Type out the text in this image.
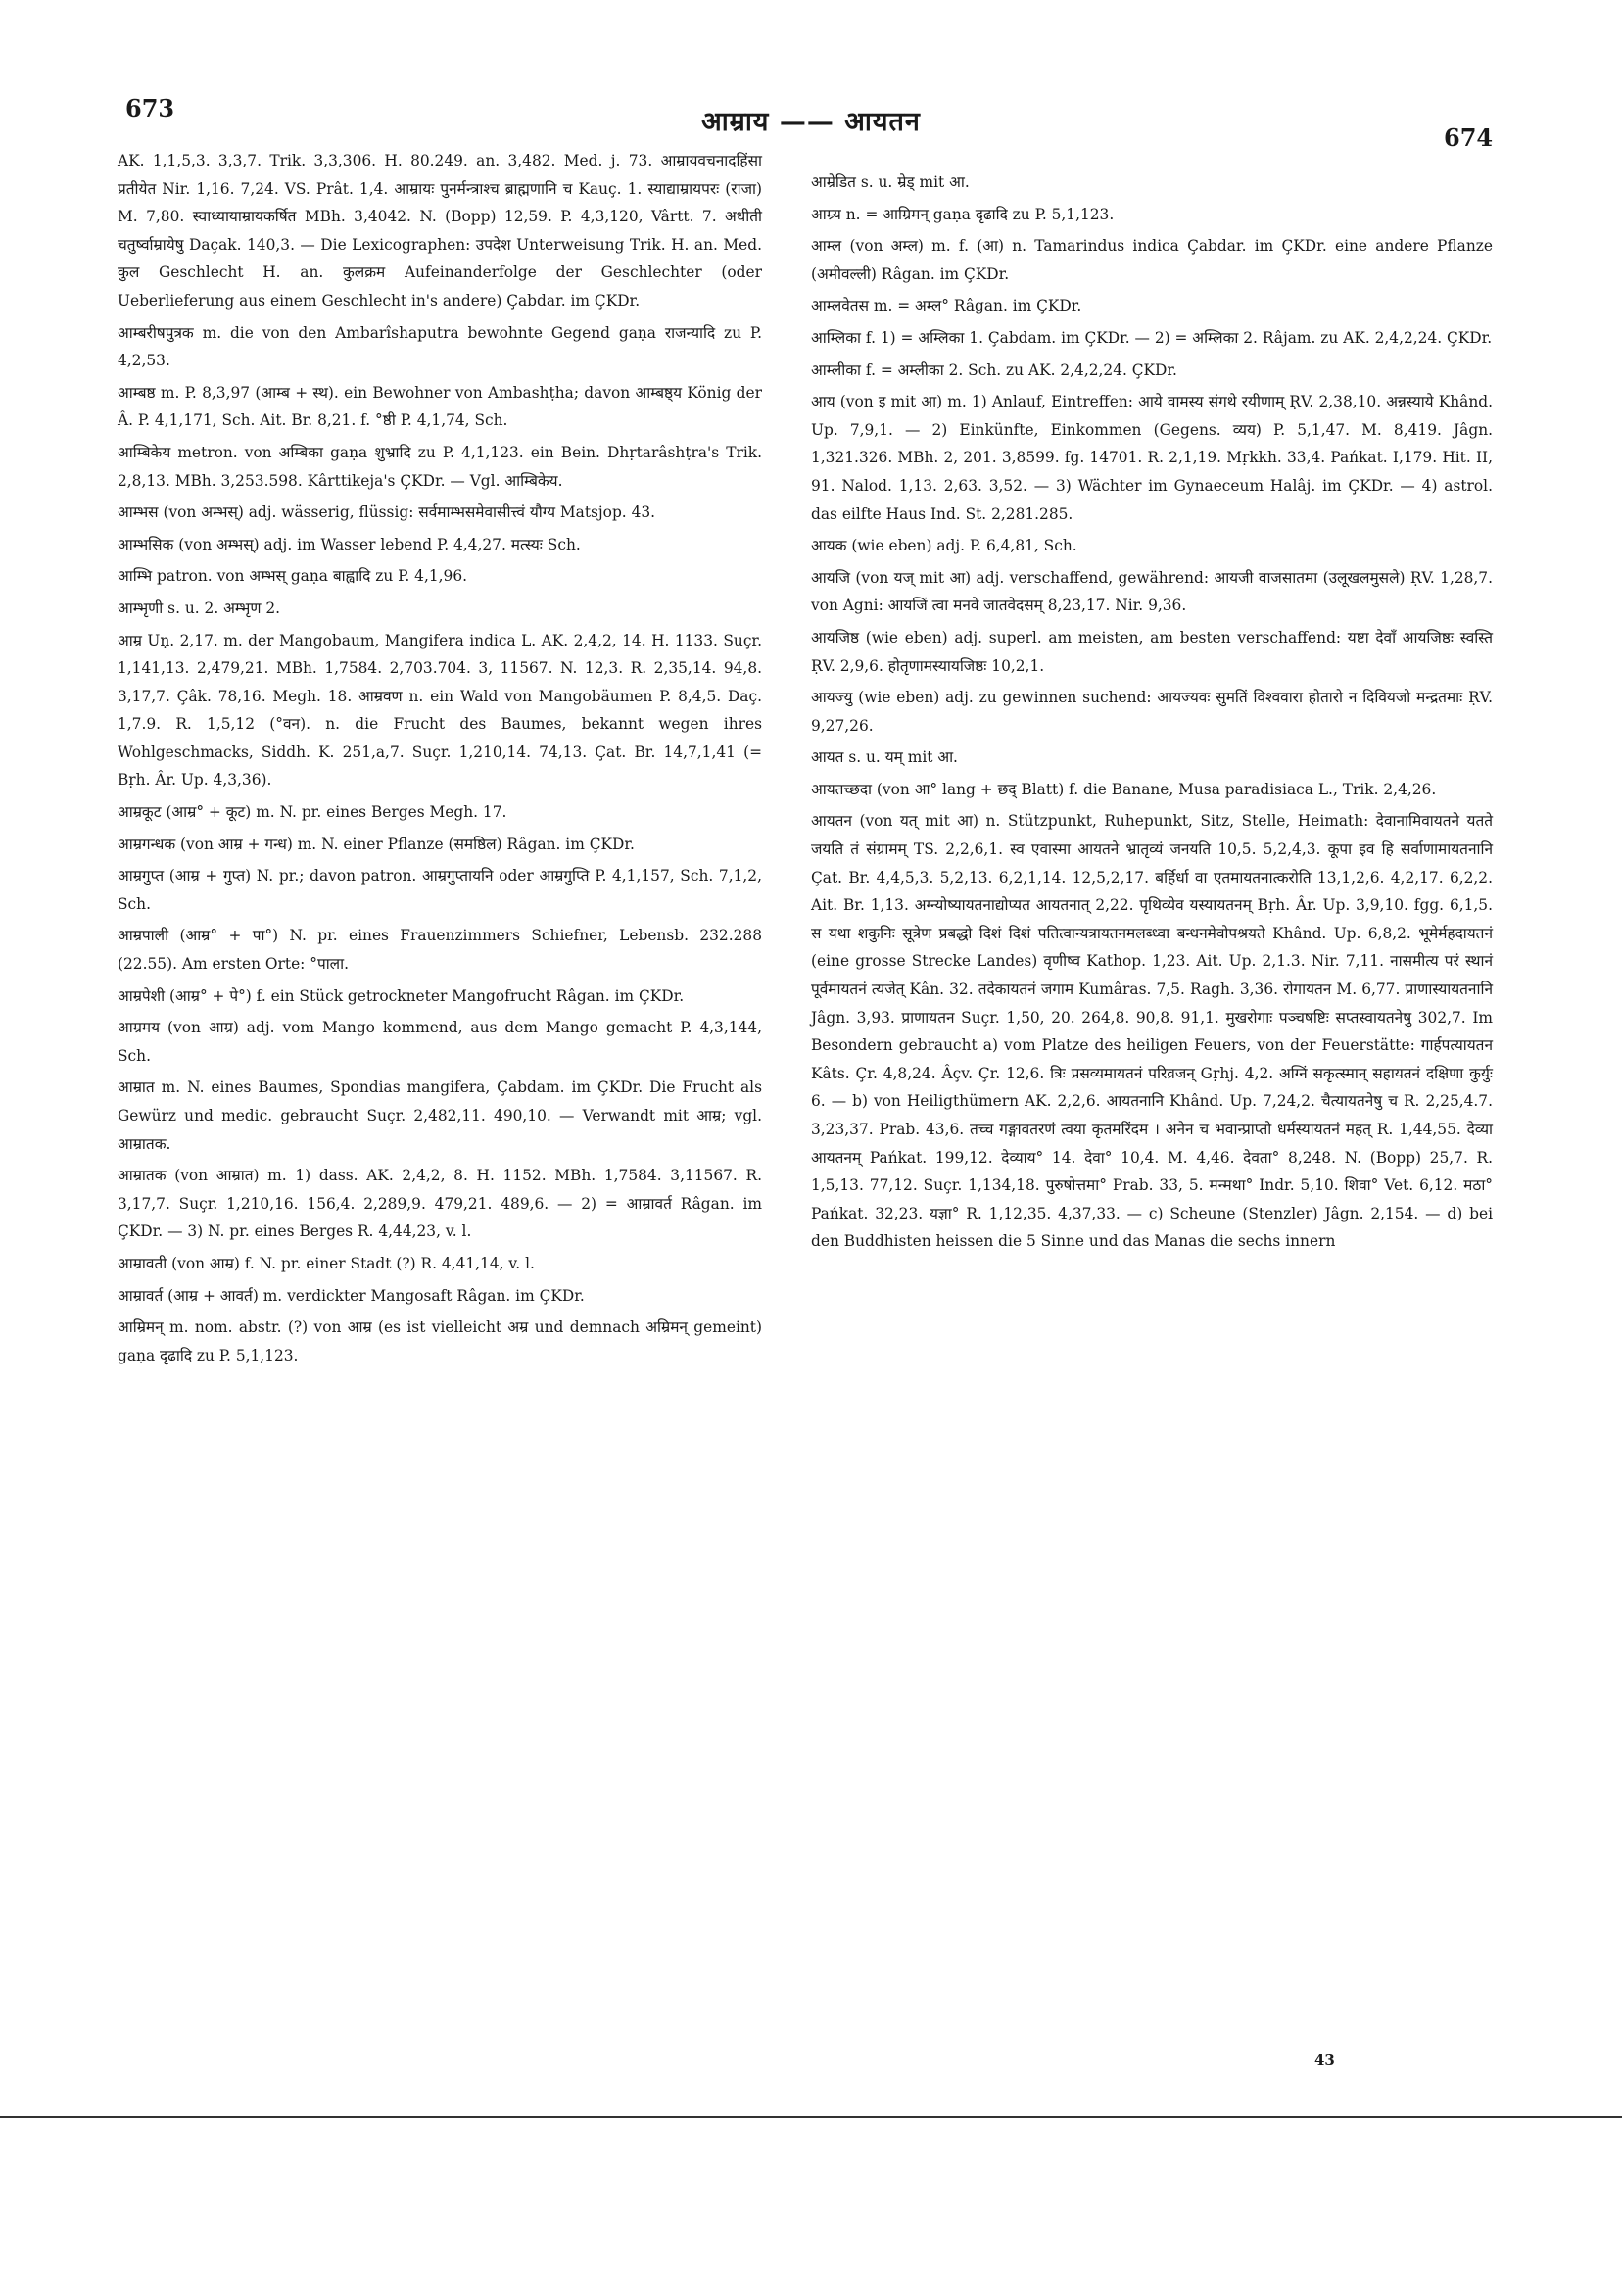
673	आम्राय —— आयतन
674

AK. 1,1,5,3. 3,3,7. Trik. 3,3,306. H. 80.249. an. 3,482. Med. j. 73. आम्रायवचनादहिंसा प्रतीयेत Nir. 1,16. 7,24. VS. Prât. 1,4. आम्रायः पुनर्मन्त्राश्च ब्राह्मणानि च Kauç. 1. स्याद्याम्रायपरः (राजा) M. 7,80. स्वाध्यायाम्रायकर्षित MBh. 3,4042. N. (Bopp) 12,59. P. 4,3,120, Vârtt. 7. अधीती चतुर्ष्वाम्रायेषु Daçak. 140,3. — Die Lexicographen: उपदेश Unterweisung Trik. H. an. Med. कुल Geschlecht H. an. कुलक्रम Aufeinanderfolge der Geschlechter (oder Ueberlieferung aus einem Geschlecht in's andere) Çabdar. im ÇKDr.

आम्बरीषपुत्रक m. die von den Ambarîshaputra bewohnte Gegend gaṇa राजन्यादि zu P. 4,2,53.

आम्बष्ठ m. P. 8,3,97 (आम्ब + स्थ). ein Bewohner von Ambashṭha; davon आम्बष्ठ्य König der Â. P. 4,1,171, Sch. Ait. Br. 8,21. f. °ष्ठी P. 4,1,74, Sch.

आम्बिकेय metron. von अम्बिका gaṇa शुभ्रादि zu P. 4,1,123. ein Bein. Dhṛtarâshṭra's Trik. 2,8,13. MBh. 3,253.598. Kârttikeja's ÇKDr. — Vgl. आम्बिकेय.

आम्भस (von अम्भस्) adj. wässerig, flüssig: सर्वमाम्भसमेवासीत्त्वं यौग्य Matsjop. 43.

आम्भसिक (von अम्भस्) adj. im Wasser lebend P. 4,4,27. मत्स्यः Sch.

आम्भि patron. von अम्भस् gaṇa बाह्वादि zu P. 4,1,96.

आम्भृणी s. u. 2. अम्भृण 2.

आम्र Uṇ. 2,17. m. der Mangobaum, Mangifera indica L. AK. 2,4,2, 14. H. 1133. Suçr. 1,141,13. 2,479,21. MBh. 1,7584. 2,703.704. 3, 11567. N. 12,3. R. 2,35,14. 94,8. 3,17,7. Çâk. 78,16. Megh. 18. आम्रवण n. ein Wald von Mangobäumen P. 8,4,5. Daç. 1,7.9. R. 1,5,12 (°वन). n. die Frucht des Baumes, bekannt wegen ihres Wohlgeschmacks, Siddh. K. 251,a,7. Suçr. 1,210,14. 74,13. Çat. Br. 14,7,1,41 (= Bṛh. Âr. Up. 4,3,36).

आम्रकूट (आम्र° + कूट) m. N. pr. eines Berges Megh. 17.

आम्रगन्धक (von आम्र + गन्ध) m. N. einer Pflanze (समष्ठिल) Râgan. im ÇKDr.

आम्रगुप्त (आम्र + गुप्त) N. pr.; davon patron. आम्रगुप्तायनि oder आम्रगुप्ति P. 4,1,157, Sch. 7,1,2, Sch.

आम्रपाली (आम्र° + पा°) N. pr. eines Frauenzimmers Schiefner, Lebensb. 232.288 (22.55). Am ersten Orte: °पाला.

आम्रपेशी (आम्र° + पे°) f. ein Stück getrockneter Mangofrucht Râgan. im ÇKDr.

आम्रमय (von आम्र) adj. vom Mango kommend, aus dem Mango gemacht P. 4,3,144, Sch.

आम्रात m. N. eines Baumes, Spondias mangifera, Çabdam. im ÇKDr. Die Frucht als Gewürz und medic. gebraucht Suçr. 2,482,11. 490,10. — Verwandt mit आम्र; vgl. आम्रातक.

आम्रातक (von आम्रात) m. 1) dass. AK. 2,4,2, 8. H. 1152. MBh. 1,7584. 3,11567. R. 3,17,7. Suçr. 1,210,16. 156,4. 2,289,9. 479,21. 489,6. — 2) = आम्रावर्त Râgan. im ÇKDr. — 3) N. pr. eines Berges R. 4,44,23, v. l.

आम्रावती (von आम्र) f. N. pr. einer Stadt (?) R. 4,41,14, v. l.

आम्रावर्त (आम्र + आवर्त) m. verdickter Mangosaft Râgan. im ÇKDr.

आम्रिमन् m. nom. abstr. (?) von आम्र (es ist vielleicht अम्र und demnach अम्रिमन् gemeint) gaṇa दृढादि zu P. 5,1,123.

आम्रेडित s. u. म्रेड् mit आ.

आम्र्य n. = आम्रिमन् gaṇa दृढादि zu P. 5,1,123.

आम्ल (von अम्ल) m. f. (आ) n. Tamarindus indica Çabdar. im ÇKDr. eine andere Pflanze (अमीवल्ली) Râgan. im ÇKDr.

आम्लवेतस m. = अम्ल° Râgan. im ÇKDr.

आम्लिका f. 1) = अम्लिका 1. Çabdam. im ÇKDr. — 2) = अम्लिका 2. Râjam. zu AK. 2,4,2,24. ÇKDr.

आम्लीका f. = अम्लीका 2. Sch. zu AK. 2,4,2,24. ÇKDr.

आय (von इ mit आ) m. 1) Anlauf, Eintreffen: आये वामस्य संगथे रयीणाम् ṚV. 2,38,10. अन्नस्याये Khând. Up. 7,9,1. — 2) Einkünfte, Einkommen (Gegens. व्यय) P. 5,1,47. M. 8,419. Jâgn. 1,321.326. MBh. 2, 201. 3,8599. fg. 14701. R. 2,1,19. Mṛkkh. 33,4. Pańkat. I,179. Hit. II, 91. Nalod. 1,13. 2,63. 3,52. — 3) Wächter im Gynaeceum Halâj. im ÇKDr. — 4) astrol. das eilfte Haus Ind. St. 2,281.285.

आयक (wie eben) adj. P. 6,4,81, Sch.

आयजि (von यज् mit आ) adj. verschaffend, gewährend: आयजी वाजसातमा (उलूखलमुसले) ṚV. 1,28,7. von Agni: आयजिं त्वा मनवे जातवेदसम् 8,23,17. Nir. 9,36.

आयजिष्ठ (wie eben) adj. superl. am meisten, am besten verschaffend: यष्टा देवाँ आयजिष्ठः स्वस्ति ṚV. 2,9,6. होतृणामस्यायजिष्ठः 10,2,1.

आयज्यु (wie eben) adj. zu gewinnen suchend: आयज्यवः सुमतिं विश्ववारा होतारो न दिवियजो मन्द्रतमाः ṚV. 9,27,26.

आयत s. u. यम् mit आ.

आयतच्छदा (von आ° lang + छद् Blatt) f. die Banane, Musa paradisiaca L., Trik. 2,4,26.

आयतन (von यत् mit आ) n. Stützpunkt, Ruhepunkt, Sitz, Stelle, Heimath: देवानामिवायतने यतते जयति तं संग्रामम् TS. 2,2,6,1. स्व एवास्मा आयतने भ्रातृव्यं जनयति 10,5. 5,2,4,3. कूपा इव हि सर्वाणामायतनानि Çat. Br. 4,4,5,3. 5,2,13. 6,2,1,14. 12,5,2,17. बर्हिर्धा वा एतमायतनात्करोति 13,1,2,6. 4,2,17. 6,2,2. Ait. Br. 1,13. अग्न्योष्यायतनाद्योप्यत आयतनात् 2,22. पृथिव्येव यस्यायतनम् Bṛh. Âr. Up. 3,9,10. fgg. 6,1,5. स यथा शकुनिः सूत्रेण प्रबद्धो दिशं दिशं पतित्वान्यत्रायतनमलब्ध्वा बन्धनमेवोपश्रयते Khând. Up. 6,8,2. भूमेर्महदायतनं (eine grosse Strecke Landes) वृणीष्व Kathop. 1,23. Ait. Up. 2,1.3. Nir. 7,11. नासमीत्य परं स्थानं पूर्वमायतनं त्यजेत् Kân. 32. तदेकायतनं जगाम Kumâras. 7,5. Ragh. 3,36. रोगायतन M. 6,77. प्राणास्यायतनानि Jâgn. 3,93. प्राणायतन Suçr. 1,50, 20. 264,8. 90,8. 91,1. मुखरोगाः पञ्चषष्टिः सप्तस्वायतनेषु 302,7. Im Besondern gebraucht a) vom Platze des heiligen Feuers, von der Feuerstätte: गार्हपत्यायतन Kâts. Çr. 4,8,24. Âçv. Çr. 12,6. त्रिः प्रसव्यमायतनं परिव्रजन् Gṛhj. 4,2. अग्निं सकृत्स्मान् सहायतनं दक्षिणा कुर्युः 6. — b) von Heiligthümern AK. 2,2,6. आयतनानि Khând. Up. 7,24,2. चैत्यायतनेषु च R. 2,25,4.7. 3,23,37. Prab. 43,6. तच्च गङ्गावतरणं त्वया कृतमरिंदम । अनेन च भवान्प्राप्तो धर्मस्यायतनं महत् R. 1,44,55. देव्या आयतनम् Pańkat. 199,12. देव्याय° 14. देवा° 10,4. M. 4,46. देवता° 8,248. N. (Bopp) 25,7. R. 1,5,13. 77,12. Suçr. 1,134,18. पुरुषोत्तमा° Prab. 33, 5. मन्मथा° Indr. 5,10. शिवा° Vet. 6,12. मठा° Pańkat. 32,23. यज्ञा° R. 1,12,35. 4,37,33. — c) Scheune (Stenzler) Jâgn. 2,154. — d) bei den Buddhisten heissen die 5 Sinne und das Manas die sechs innern

43
